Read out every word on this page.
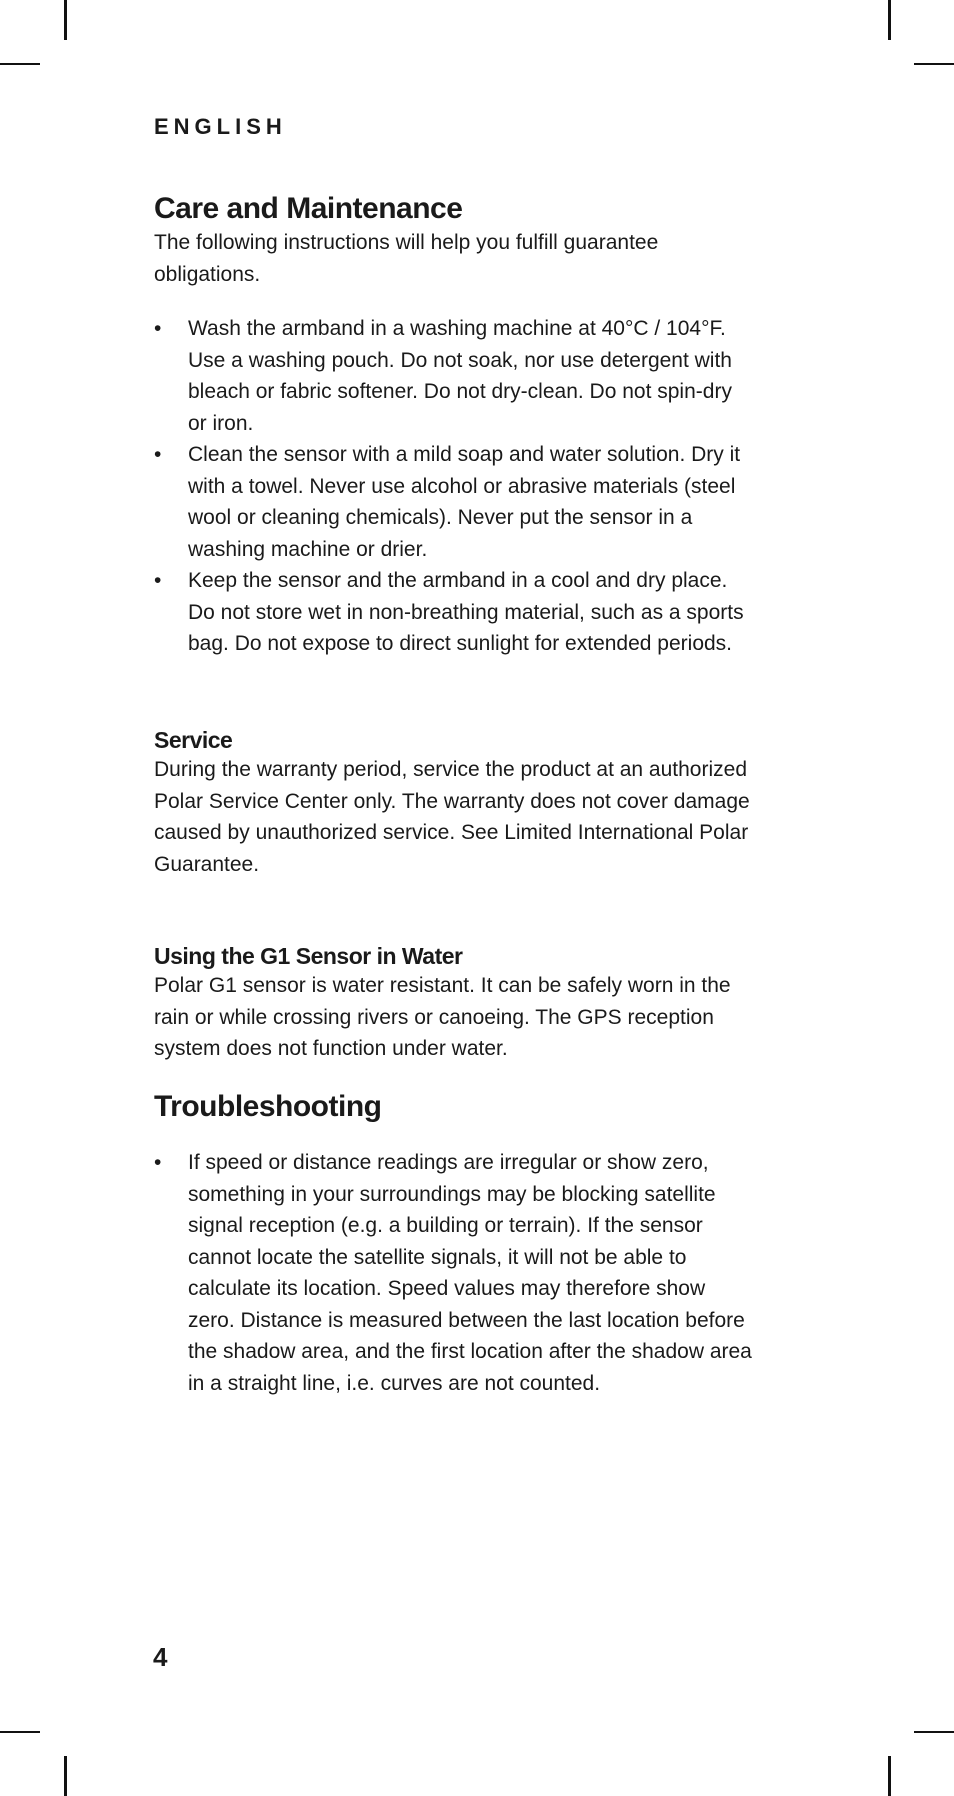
ENGLISH
Care and Maintenance

The following instructions will help you fulfill guarantee obligations.

• Wash the armband in a washing machine at 40°C / 104°F. Use a washing pouch. Do not soak, nor use detergent with bleach or fabric softener. Do not dry-clean. Do not spin-dry or iron.
• Clean the sensor with a mild soap and water solution. Dry it with a towel. Never use alcohol or abrasive materials (steel wool or cleaning chemicals). Never put the sensor in a washing machine or drier.
• Keep the sensor and the armband in a cool and dry place. Do not store wet in non-breathing material, such as a sports bag. Do not expose to direct sunlight for extended periods.
Service

During the warranty period, service the product at an authorized Polar Service Center only. The warranty does not cover damage caused by unauthorized service. See Limited International Polar Guarantee.

Using the G1 Sensor in Water

Polar G1 sensor is water resistant. It can be safely worn in the rain or while crossing rivers or canoeing. The GPS reception system does not function under water.

Troubleshooting
• If speed or distance readings are irregular or show zero, something in your surroundings may be blocking satellite signal reception (e.g. a building or terrain). If the sensor cannot locate the satellite signals, it will not be able to calculate its location. Speed values may therefore show zero. Distance is measured between the last location before the shadow area, and the first location after the shadow area in a straight line, i.e. curves are not counted.
4
